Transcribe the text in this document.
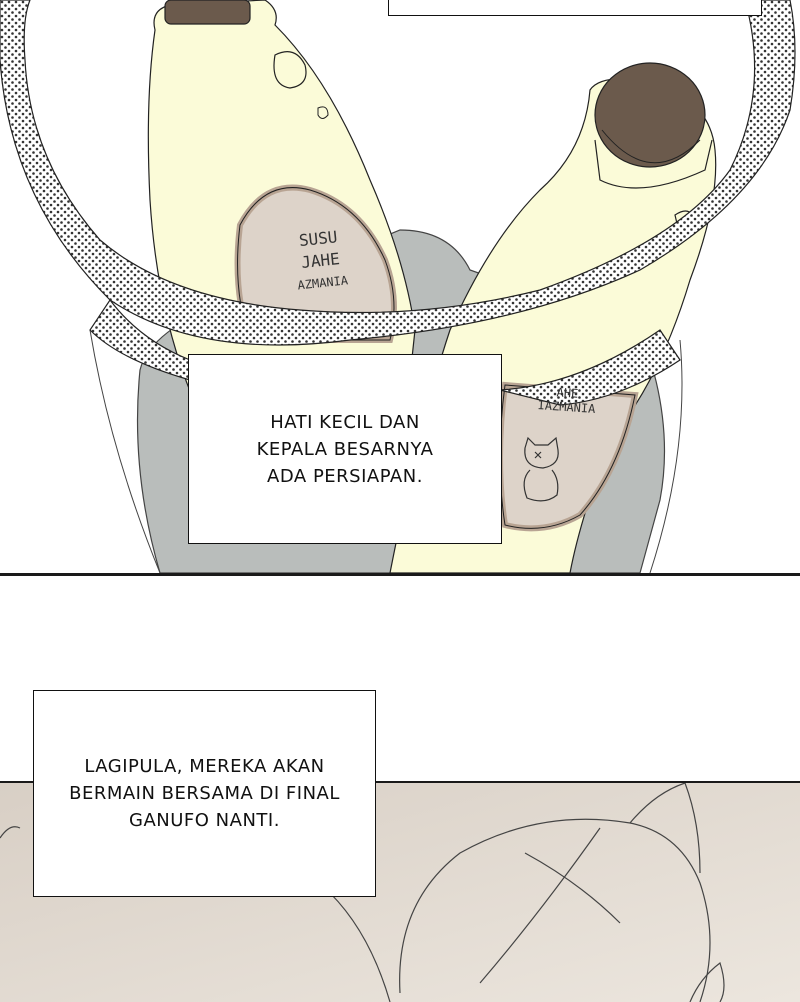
SUSU
JAHE
AZMANIA
AHE
IAZMANIA
HATI KECIL DAN
KEPALA BESARNYA
ADA PERSIAPAN.
LAGIPULA, MEREKA AKAN
BERMAIN BERSAMA DI FINAL
GANUFO NANTI.
